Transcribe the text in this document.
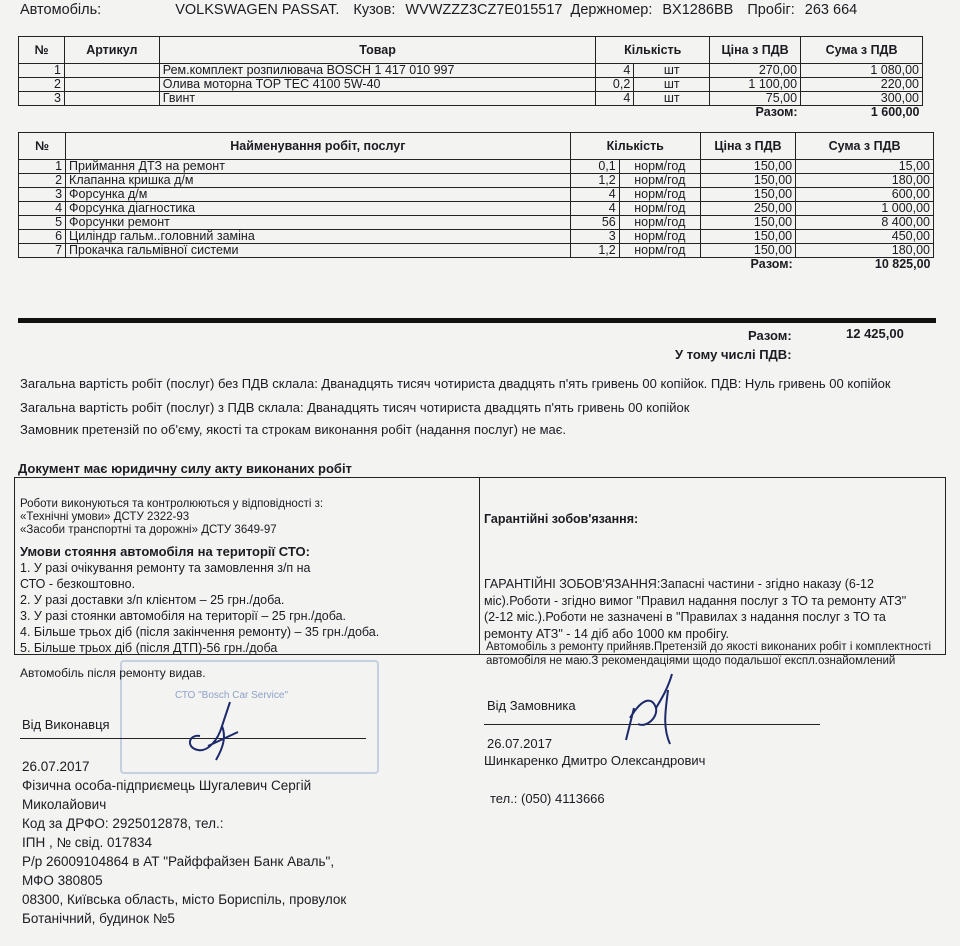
Автомобіль:	VOLKSWAGEN PASSAT. Кузов: WVWZZZ3CZ7E015517 Держномер: BX1286BB Пробіг: 263 664
№	Артикул	Товар	Кількість		Ціна з ПДВ	Сума з ПДВ
1		Рем.комплект розпилювача BOSCH 1 417 010 997	4	шт	270,00	1 080,00
2		Олива моторна TOP TEC 4100 5W-40	0,2	шт	1 100,00	220,00
3		Гвинт	4	шт	75,00	300,00
					Разом:	1 600,00
№	Найменування робіт, послуг	Кількість		Ціна з ПДВ	Сума з ПДВ
1	Приймання ДТЗ на ремонт	0,1	норм/год	150,00	15,00
2	Клапанна кришка д/м	1,2	норм/год	150,00	180,00
3	Форсунка д/м	4	норм/год	150,00	600,00
4	Форсунка діагностика	4	норм/год	250,00	1 000,00
5	Форсунки ремонт	56	норм/год	150,00	8 400,00
6	Циліндр гальм..головний заміна	3	норм/год	150,00	450,00
7	Прокачка гальмівної системи	1,2	норм/год	150,00	180,00
				Разом:	10 825,00
Разом:	12 425,00
У тому числі ПДВ:
Загальна вартість робіт (послуг) без ПДВ склала: Дванадцять тисяч чотириста двадцять п'ять гривень 00 копійок. ПДВ: Нуль гривень 00 копійок
Загальна вартість робіт (послуг) з ПДВ склала: Дванадцять тисяч чотириста двадцять п'ять гривень 00 копійок
Замовник претензій по об'єму, якості та строкам виконання робіт (надання послуг) не має.
Документ має юридичну силу акту виконаних робіт
Роботи виконуються та контролюються у відповідності з:
«Технічні умови» ДСТУ 2322-93
«Засоби транспортні та дорожні» ДСТУ 3649-97
Умови стояння автомобіля на території СТО:
1. У разі очікування ремонту та замовлення з/п на
СТО - безкоштовно.
2. У разі доставки з/п клієнтом – 25 грн./доба.
3. У разі стоянки автомобіля на території – 25 грн./доба.
4. Більше трьох діб (після закінчення ремонту) – 35 грн./доба.
5. Більше трьох діб (після ДТП)-56 грн./доба
Гарантійні зобов'язання:
ГАРАНТІЙНІ ЗОБОВ'ЯЗАННЯ:Запасні частини - згідно наказу (6-12
міс).Роботи - згідно вимог "Правил надання послуг з ТО та ремонту АТЗ"
(2-12 міс.).Роботи не зазначені в "Правилах з надання послуг з ТО та
ремонту АТЗ" - 14 діб або 1000 км пробігу.
СТО "Bosch Car Service"
Автомобіль після ремонту видав.
Від Виконавця
26.07.2017
Фізична особа-підприємець Шугалевич Сергій
Миколайович
Код за ДРФО: 2925012878, тел.:
ІПН , № свід. 017834
Р/р 26009104864 в АТ "Райффайзен Банк Аваль",
МФО 380805
08300, Київська область, місто Бориспіль, провулок
Ботанічний, будинок №5
Автомобіль з ремонту прийняв.Претензій до якості виконаних робіт і комплектності
автомобіля не маю.З рекомендаціями щодо подальшої експл.ознайомлений
Від Замовника
26.07.2017
Шинкаренко Дмитро Олександрович
тел.: (050) 4113666
